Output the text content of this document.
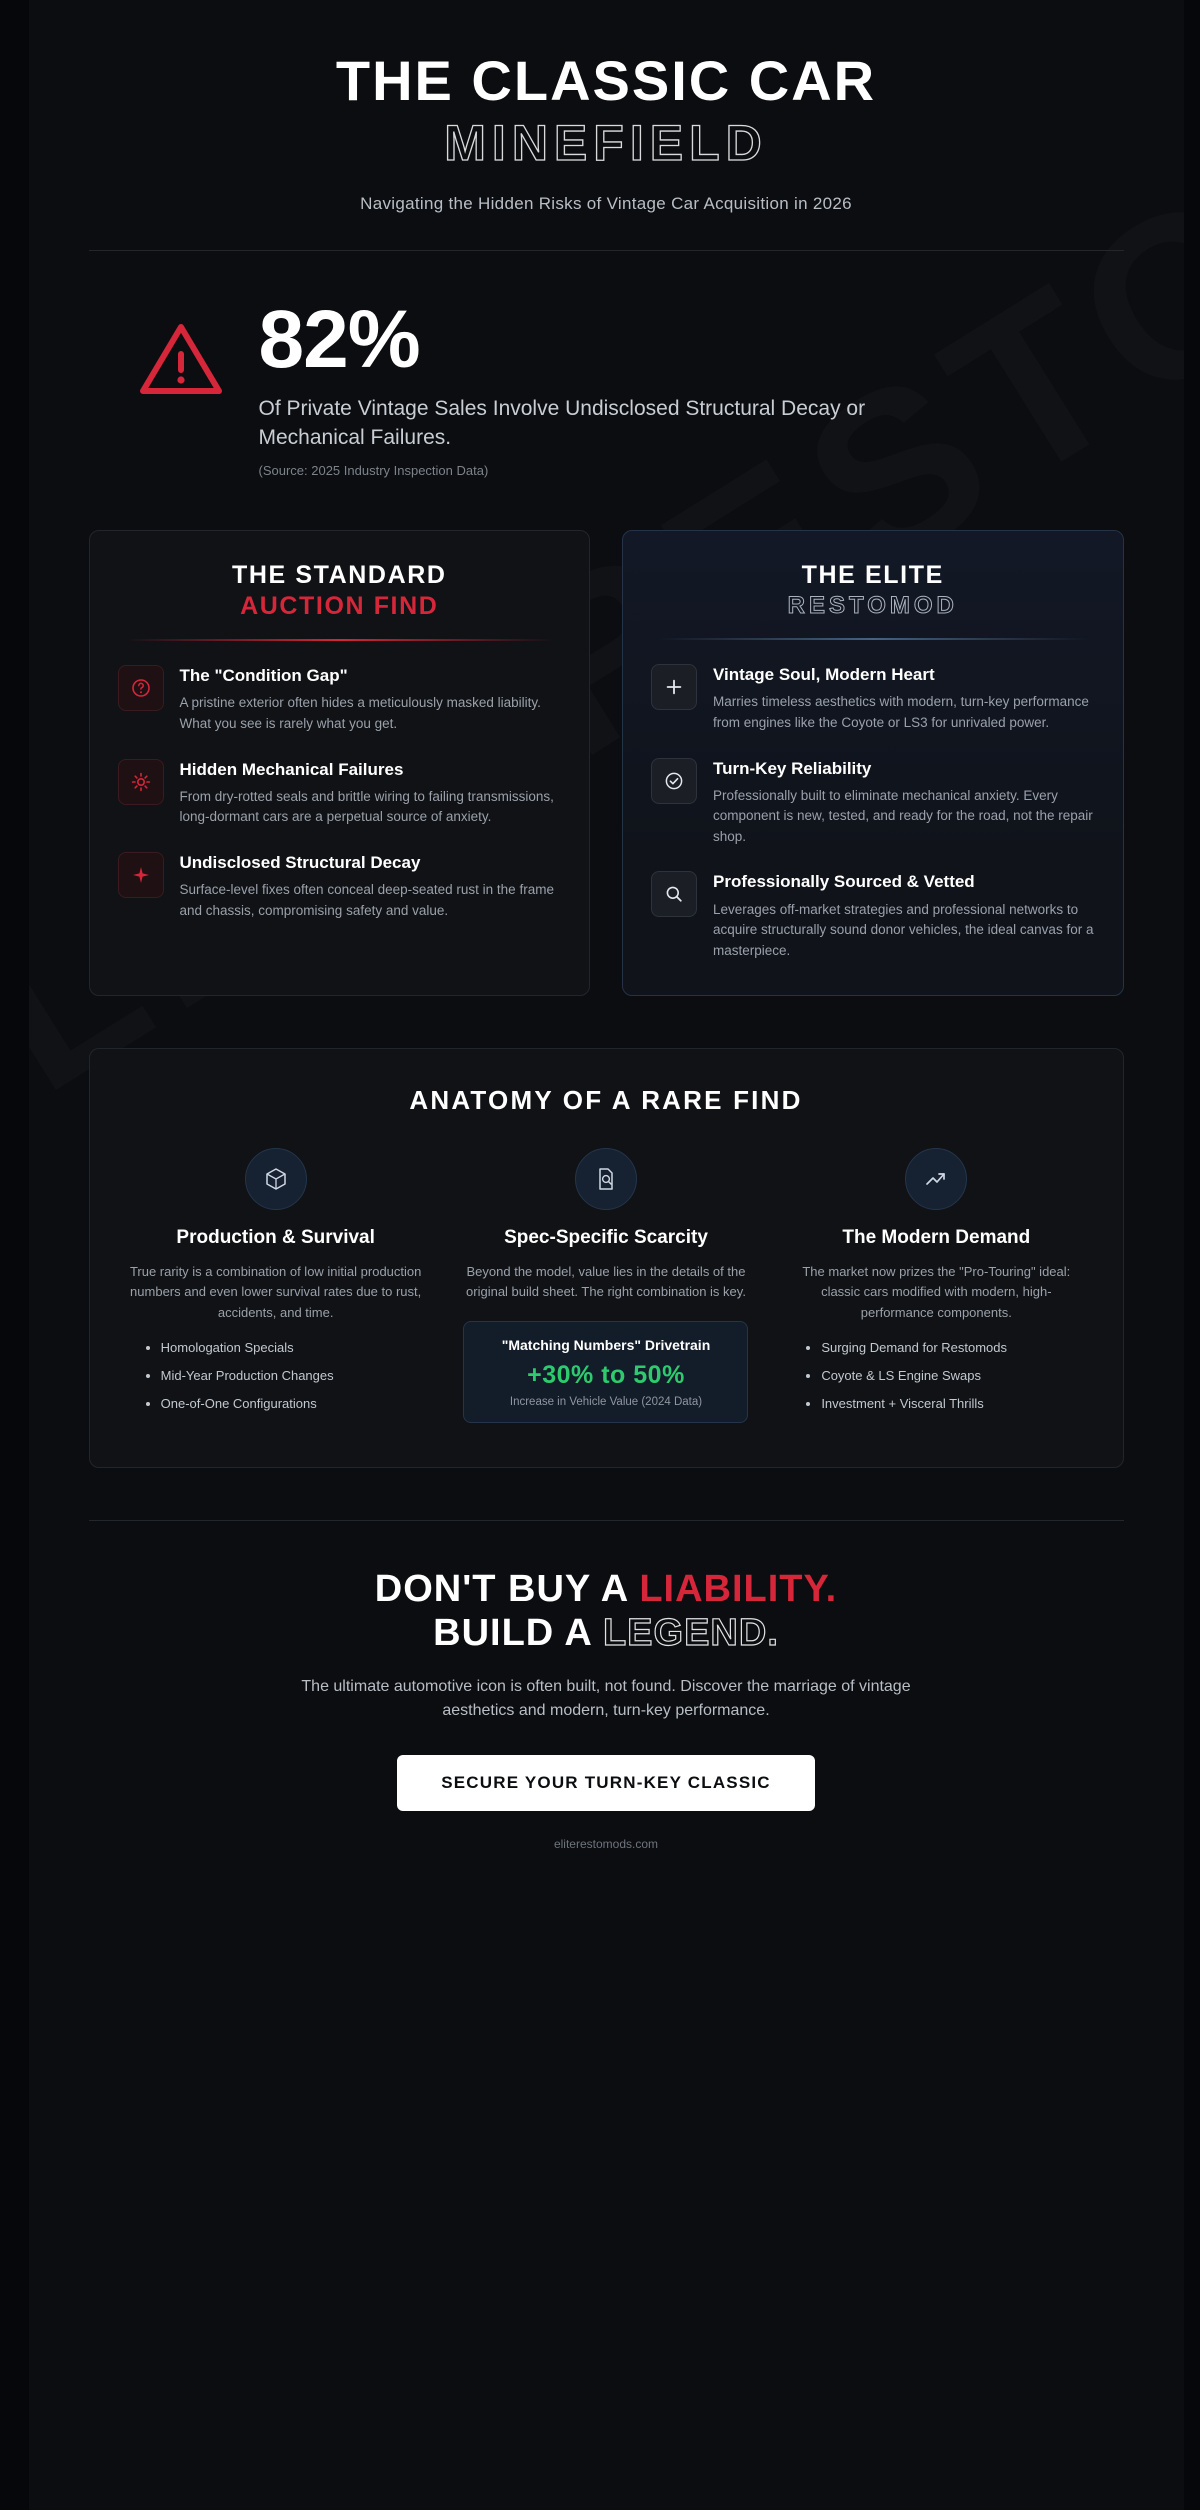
THE CLASSIC CAR
MINEFIELD
Navigating the Hidden Risks of Vintage Car Acquisition in 2026
82%
Of Private Vintage Sales Involve Undisclosed Structural Decay or Mechanical Failures.
(Source: 2025 Industry Inspection Data)
THE STANDARD
AUCTION FIND
The "Condition Gap"
A pristine exterior often hides a meticulously masked liability. What you see is rarely what you get.
Hidden Mechanical Failures
From dry-rotted seals and brittle wiring to failing transmissions, long-dormant cars are a perpetual source of anxiety.
Undisclosed Structural Decay
Surface-level fixes often conceal deep-seated rust in the frame and chassis, compromising safety and value.
THE ELITE
RESTOMOD
Vintage Soul, Modern Heart
Marries timeless aesthetics with modern, turn-key performance from engines like the Coyote or LS3 for unrivaled power.
Turn-Key Reliability
Professionally built to eliminate mechanical anxiety. Every component is new, tested, and ready for the road, not the repair shop.
Professionally Sourced & Vetted
Leverages off-market strategies and professional networks to acquire structurally sound donor vehicles, the ideal canvas for a masterpiece.
ANATOMY OF A RARE FIND
Production & Survival

True rarity is a combination of low initial production numbers and even lower survival rates due to rust, accidents, and time.

• Homologation Specials
• Mid-Year Production Changes
• One-of-One Configurations
Spec-Specific Scarcity

Beyond the model, value lies in the details of the original build sheet. The right combination is key.

"Matching Numbers" Drivetrain
+30% to 50%
Increase in Vehicle Value (2024 Data)
The Modern Demand

The market now prizes the "Pro-Touring" ideal: classic cars modified with modern, high-performance components.

• Surging Demand for Restomods
• Coyote & LS Engine Swaps
• Investment + Visceral Thrills
DON'T BUY A LIABILITY.
BUILD A LEGEND.
The ultimate automotive icon is often built, not found. Discover the marriage of vintage aesthetics and modern, turn-key performance.
SECURE YOUR TURN-KEY CLASSIC
eliterestomods.com
